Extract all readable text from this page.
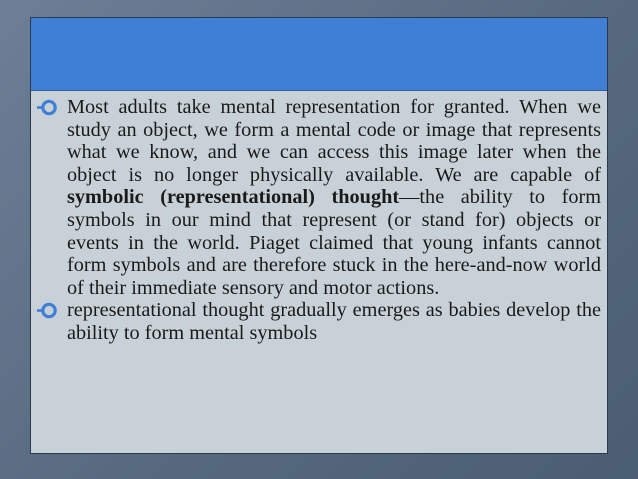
Most adults take mental representation for granted. When we study an object, we form a mental code or image that represents what we know, and we can access this image later when the object is no longer physically available. We are capable of symbolic (representational) thought—the ability to form symbols in our mind that represent (or stand for) objects or events in the world. Piaget claimed that young infants cannot form symbols and are therefore stuck in the here-and-now world of their immediate sensory and motor actions.
representational thought gradually emerges as babies develop the ability to form mental symbols
